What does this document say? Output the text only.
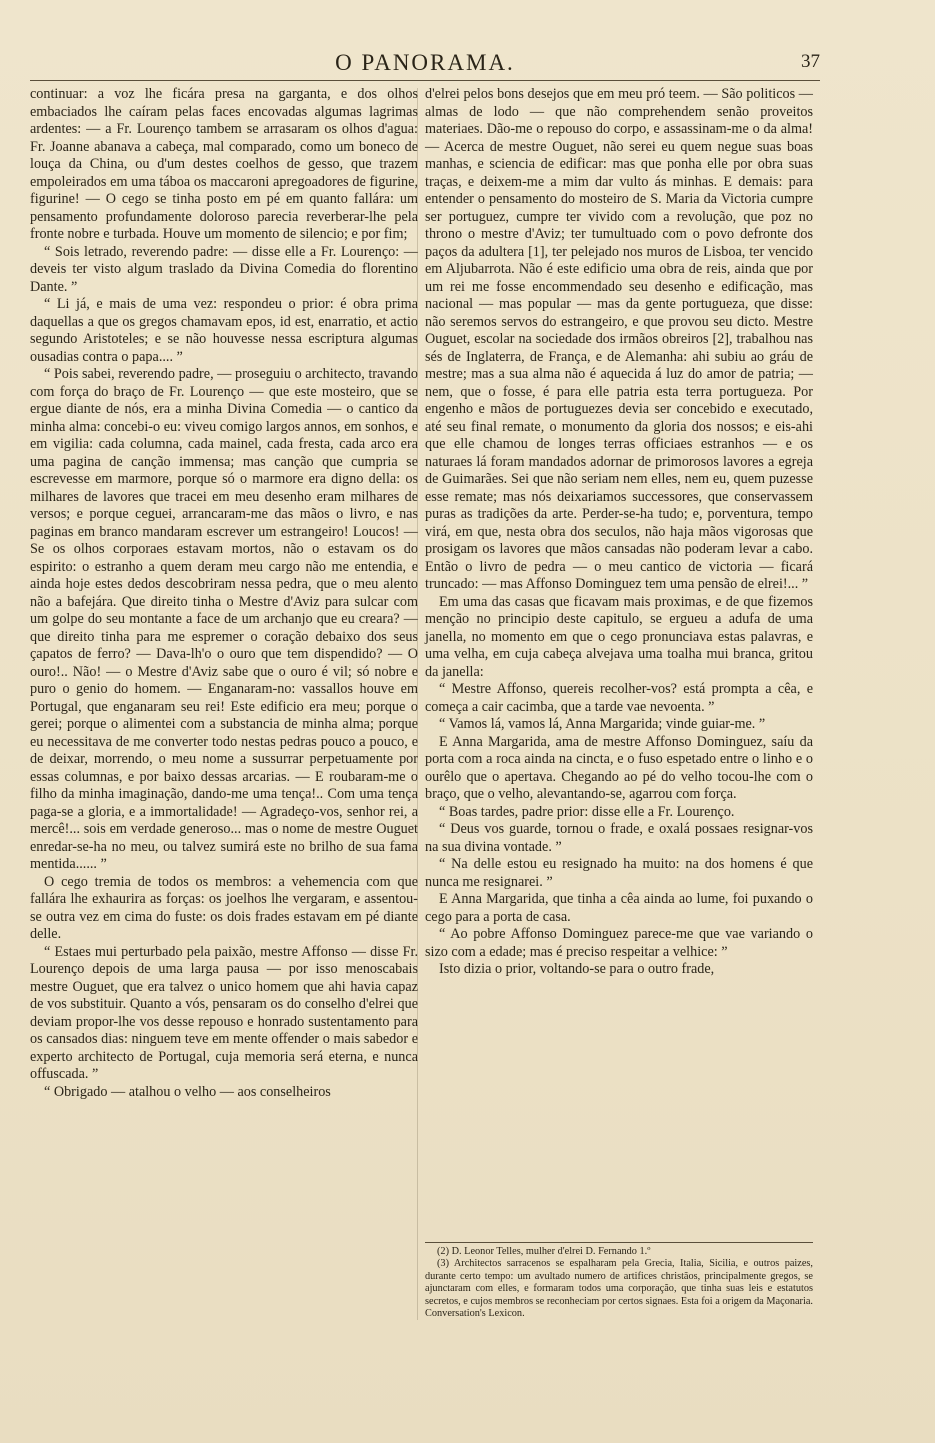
O PANORAMA.	37

continuar: a voz lhe ficára presa na garganta, e dos olhos embaciados lhe caíram pelas faces encovadas algumas lagrimas ardentes: — a Fr. Lourenço tambem se arrasaram os olhos d'agua: Fr. Joanne abanava a cabeça, mal comparado, como um boneco de louça da China, ou d'um destes coelhos de gesso, que trazem empoleirados em uma táboa os maccaroni apregoadores de figurine, figurine! — O cego se tinha posto em pé em quanto fallára: um pensamento profundamente doloroso parecia reverberar-lhe pela fronte nobre e turbada. Houve um momento de silencio; e por fim;

“ Sois letrado, reverendo padre: — disse elle a Fr. Lourenço: — deveis ter visto algum traslado da Divina Comedia do florentino Dante. ”

“ Li já, e mais de uma vez: respondeu o prior: é obra prima daquellas a que os gregos chamavam epos, id est, enarratio, et actio segundo Aristoteles; e se não houvesse nessa escriptura algumas ousadias contra o papa.... ”

“ Pois sabei, reverendo padre, — proseguiu o architecto, travando com força do braço de Fr. Lourenço — que este mosteiro, que se ergue diante de nós, era a minha Divina Comedia — o cantico da minha alma: concebi-o eu: viveu comigo largos annos, em sonhos, e em vigilia: cada columna, cada mainel, cada fresta, cada arco era uma pagina de canção immensa; mas canção que cumpria se escrevesse em marmore, porque só o marmore era digno della: os milhares de lavores que tracei em meu desenho eram milhares de versos; e porque ceguei, arrancaram-me das mãos o livro, e nas paginas em branco mandaram escrever um estrangeiro! Loucos! — Se os olhos corporaes estavam mortos, não o estavam os do espirito: o estranho a quem deram meu cargo não me entendia, e ainda hoje estes dedos descobriram nessa pedra, que o meu alento não a bafejára. Que direito tinha o Mestre d'Aviz para sulcar com um golpe do seu montante a face de um archanjo que eu creara? — que direito tinha para me espremer o coração debaixo dos seus çapatos de ferro? — Dava-lh'o o ouro que tem dispendido? — O ouro!.. Não! — o Mestre d'Aviz sabe que o ouro é vil; só nobre e puro o genio do homem. — Enganaram-no: vassallos houve em Portugal, que enganaram seu rei! Este edificio era meu; porque o gerei; porque o alimentei com a substancia de minha alma; porque eu necessitava de me converter todo nestas pedras pouco a pouco, e de deixar, morrendo, o meu nome a sussurrar perpetuamente por essas columnas, e por baixo dessas arcarias. — E roubaram-me o filho da minha imaginação, dando-me uma tença!.. Com uma tença paga-se a gloria, e a immortalidade! — Agradeço-vos, senhor rei, a mercê!... sois em verdade generoso... mas o nome de mestre Ouguet enredar-se-ha no meu, ou talvez sumirá este no brilho de sua fama mentida...... ”

O cego tremia de todos os membros: a vehemencia com que fallára lhe exhaurira as forças: os joelhos lhe vergaram, e assentou-se outra vez em cima do fuste: os dois frades estavam em pé diante delle.

“ Estaes mui perturbado pela paixão, mestre Affonso — disse Fr. Lourenço depois de uma larga pausa — por isso menoscabais mestre Ouguet, que era talvez o unico homem que ahi havia capaz de vos substituir. Quanto a vós, pensaram os do conselho d'elrei que deviam propor-lhe vos desse repouso e honrado sustentamento para os cansados dias: ninguem teve em mente offender o mais sabedor e experto architecto de Portugal, cuja memoria será eterna, e nunca offuscada. ”

“ Obrigado — atalhou o velho — aos conselheiros

d'elrei pelos bons desejos que em meu pró teem. — São politicos — almas de lodo — que não comprehendem senão proveitos materiaes. Dão-me o repouso do corpo, e assassinam-me o da alma! — Acerca de mestre Ouguet, não serei eu quem negue suas boas manhas, e sciencia de edificar: mas que ponha elle por obra suas traças, e deixem-me a mim dar vulto ás minhas. E demais: para entender o pensamento do mosteiro de S. Maria da Victoria cumpre ser portuguez, cumpre ter vivido com a revolução, que poz no throno o mestre d'Aviz; ter tumultuado com o povo defronte dos paços da adultera [1], ter pelejado nos muros de Lisboa, ter vencido em Aljubarrota. Não é este edificio uma obra de reis, ainda que por um rei me fosse encommendado seu desenho e edificação, mas nacional — mas popular — mas da gente portugueza, que disse: não seremos servos do estrangeiro, e que provou seu dicto. Mestre Ouguet, escolar na sociedade dos irmãos obreiros [2], trabalhou nas sés de Inglaterra, de França, e de Alemanha: ahi subiu ao gráu de mestre; mas a sua alma não é aquecida á luz do amor de patria; — nem, que o fosse, é para elle patria esta terra portugueza. Por engenho e mãos de portuguezes devia ser concebido e executado, até seu final remate, o monumento da gloria dos nossos; e eis-ahi que elle chamou de longes terras officiaes estranhos — e os naturaes lá foram mandados adornar de primorosos lavores a egreja de Guimarães. Sei que não seriam nem elles, nem eu, quem puzesse esse remate; mas nós deixariamos successores, que conservassem puras as tradições da arte. Perder-se-ha tudo; e, porventura, tempo virá, em que, nesta obra dos seculos, não haja mãos vigorosas que prosigam os lavores que mãos cansadas não poderam levar a cabo. Então o livro de pedra — o meu cantico de victoria — ficará truncado: — mas Affonso Dominguez tem uma pensão de elrei!... ”

Em uma das casas que ficavam mais proximas, e de que fizemos menção no principio deste capitulo, se ergueu a adufa de uma janella, no momento em que o cego pronunciava estas palavras, e uma velha, em cuja cabeça alvejava uma toalha mui branca, gritou da janella:

“ Mestre Affonso, quereis recolher-vos? está prompta a cêa, e começa a cair cacimba, que a tarde vae nevoenta. ”

“ Vamos lá, vamos lá, Anna Margarida; vinde guiar-me. ”

E Anna Margarida, ama de mestre Affonso Dominguez, saíu da porta com a roca ainda na cincta, e o fuso espetado entre o linho e o ourêlo que o apertava. Chegando ao pé do velho tocou-lhe com o braço, que o velho, alevantando-se, agarrou com força.

“ Boas tardes, padre prior: disse elle a Fr. Lourenço.

“ Deus vos guarde, tornou o frade, e oxalá possaes resignar-vos na sua divina vontade. ”

“ Na delle estou eu resignado ha muito: na dos homens é que nunca me resignarei. ”

E Anna Margarida, que tinha a cêa ainda ao lume, foi puxando o cego para a porta de casa.

“ Ao pobre Affonso Dominguez parece-me que vae variando o sizo com a edade; mas é preciso respeitar a velhice: ”

Isto dizia o prior, voltando-se para o outro frade,

(2) D. Leonor Telles, mulher d'elrei D. Fernando 1.º

(3) Architectos sarracenos se espalharam pela Grecia, Italia, Sicilia, e outros paizes, durante certo tempo: um avultado numero de artifices christãos, principalmente gregos, se ajunctaram com elles, e formaram todos uma corporação, que tinha suas leis e estatutos secretos, e cujos membros se reconheciam por certos signaes. Esta foi a origem da Maçonaria. Conversation's Lexicon.
